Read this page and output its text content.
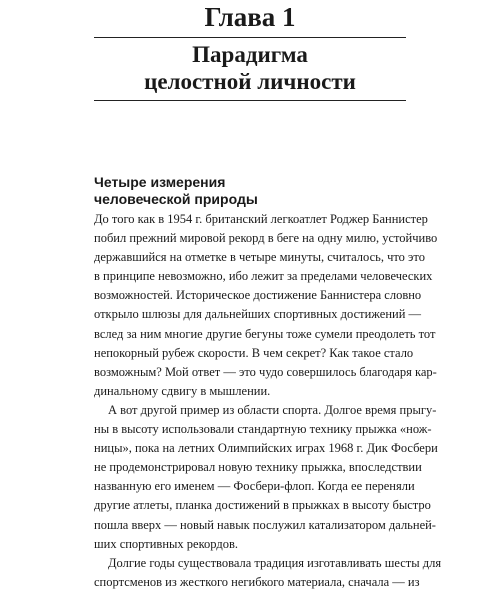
Глава 1
Парадигма
целостной личности
Четыре измерения
человеческой природы

До того как в 1954 г. британский легкоатлет Роджер Баннистер
побил прежний мировой рекорд в беге на одну милю, устойчиво
державшийся на отметке в четыре минуты, считалось, что это
в принципе невозможно, ибо лежит за пределами человеческих
возможностей. Историческое достижение Баннистера словно
открыло шлюзы для дальнейших спортивных достижений —
вслед за ним многие другие бегуны тоже сумели преодолеть тот
непокорный рубеж скорости. В чем секрет? Как такое стало
возможным? Мой ответ — это чудо совершилось благодаря кар-
динальному сдвигу в мышлении.

А вот другой пример из области спорта. Долгое время прыгу-
ны в высоту использовали стандартную технику прыжка «нож-
ницы», пока на летних Олимпийских играх 1968 г. Дик Фосбери
не продемонстрировал новую технику прыжка, впоследствии
названную его именем — Фосбери-флоп. Когда ее переняли
другие атлеты, планка достижений в прыжках в высоту быстро
пошла вверх — новый навык послужил катализатором дальней-
ших спортивных рекордов.

Долгие годы существовала традиция изготавливать шесты для
спортсменов из жесткого негибкого материала, сначала — из
